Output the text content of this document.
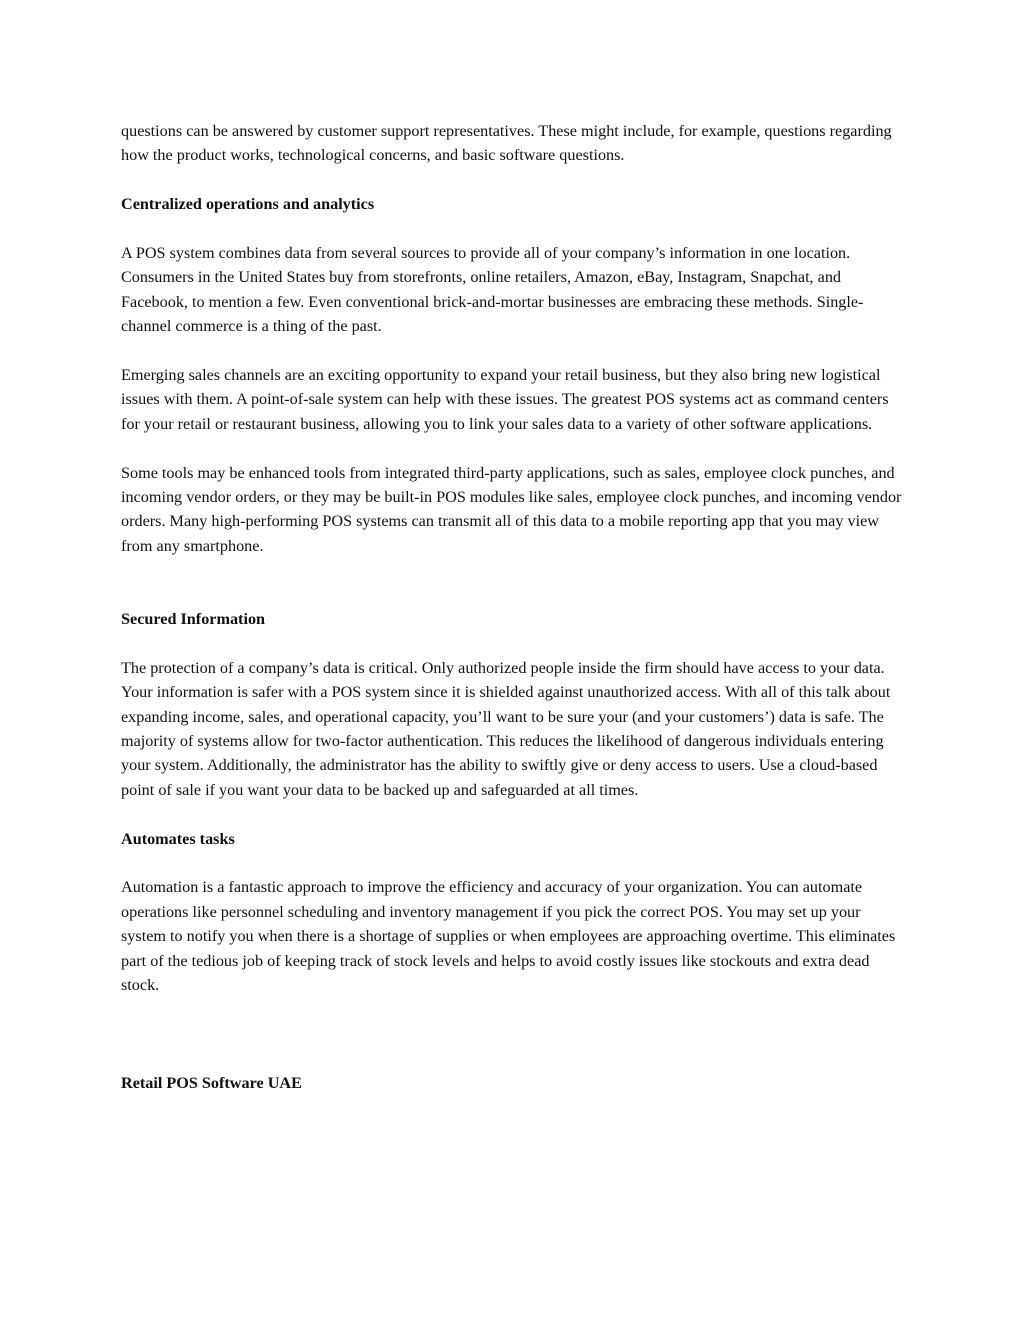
questions can be answered by customer support representatives. These might include, for example, questions regarding how the product works, technological concerns, and basic software questions.

Centralized operations and analytics

A POS system combines data from several sources to provide all of your company’s information in one location. Consumers in the United States buy from storefronts, online retailers, Amazon, eBay, Instagram, Snapchat, and Facebook, to mention a few. Even conventional brick-and-mortar businesses are embracing these methods. Single-channel commerce is a thing of the past.

Emerging sales channels are an exciting opportunity to expand your retail business, but they also bring new logistical issues with them. A point-of-sale system can help with these issues. The greatest POS systems act as command centers for your retail or restaurant business, allowing you to link your sales data to a variety of other software applications.

Some tools may be enhanced tools from integrated third-party applications, such as sales, employee clock punches, and incoming vendor orders, or they may be built-in POS modules like sales, employee clock punches, and incoming vendor orders. Many high-performing POS systems can transmit all of this data to a mobile reporting app that you may view from any smartphone.

Secured Information

The protection of a company’s data is critical. Only authorized people inside the firm should have access to your data. Your information is safer with a POS system since it is shielded against unauthorized access. With all of this talk about expanding income, sales, and operational capacity, you’ll want to be sure your (and your customers’) data is safe. The majority of systems allow for two-factor authentication. This reduces the likelihood of dangerous individuals entering your system. Additionally, the administrator has the ability to swiftly give or deny access to users. Use a cloud-based point of sale if you want your data to be backed up and safeguarded at all times.

Automates tasks

Automation is a fantastic approach to improve the efficiency and accuracy of your organization. You can automate operations like personnel scheduling and inventory management if you pick the correct POS. You may set up your system to notify you when there is a shortage of supplies or when employees are approaching overtime. This eliminates part of the tedious job of keeping track of stock levels and helps to avoid costly issues like stockouts and extra dead stock.

Retail POS Software UAE
